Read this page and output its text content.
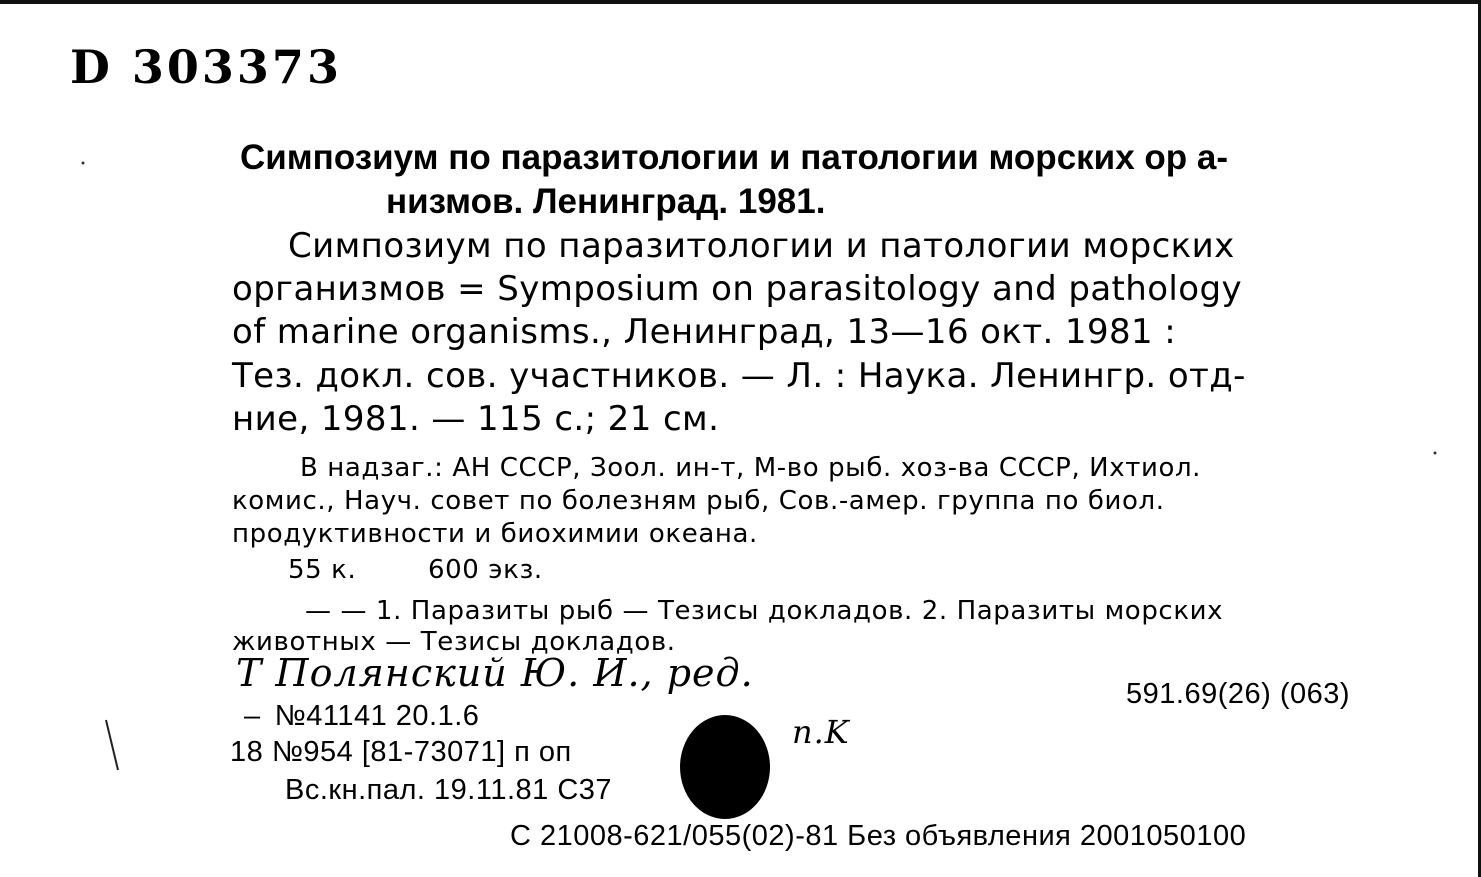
D 303373
Симпозиум по паразитологии и патологии морских ор а-
низмов. Ленинград. 1981.
Симпозиум по паразитологии и патологии морских
организмов = Symposium on parasitology and pathology
of marine organisms., Ленинград, 13—16 окт. 1981 :
Тез. докл. сов. участников. — Л. : Наука. Ленингр. отд-
ние, 1981. — 115 с.; 21 см.
В надзаг.: АН СССР, Зоол. ин-т, М-во рыб. хоз-ва СССР, Ихтиол.
комис., Науч. совет по болезням рыб, Сов.-амер. группа по биол.
продуктивности и биохимии океана.
55 к.	600 экз.
— — 1. Паразиты рыб — Тезисы докладов. 2. Паразиты морских
животных — Тезисы докладов.
Т Полянский Ю. И., ред.	591.69(26) (063)
– №41141 20.1.6	n.K
18 №954 [81-73071] п оп
Вс.кн.пал. 19.11.81 С37
С 21008-621/055(02)-81 Без объявления 2001050100
